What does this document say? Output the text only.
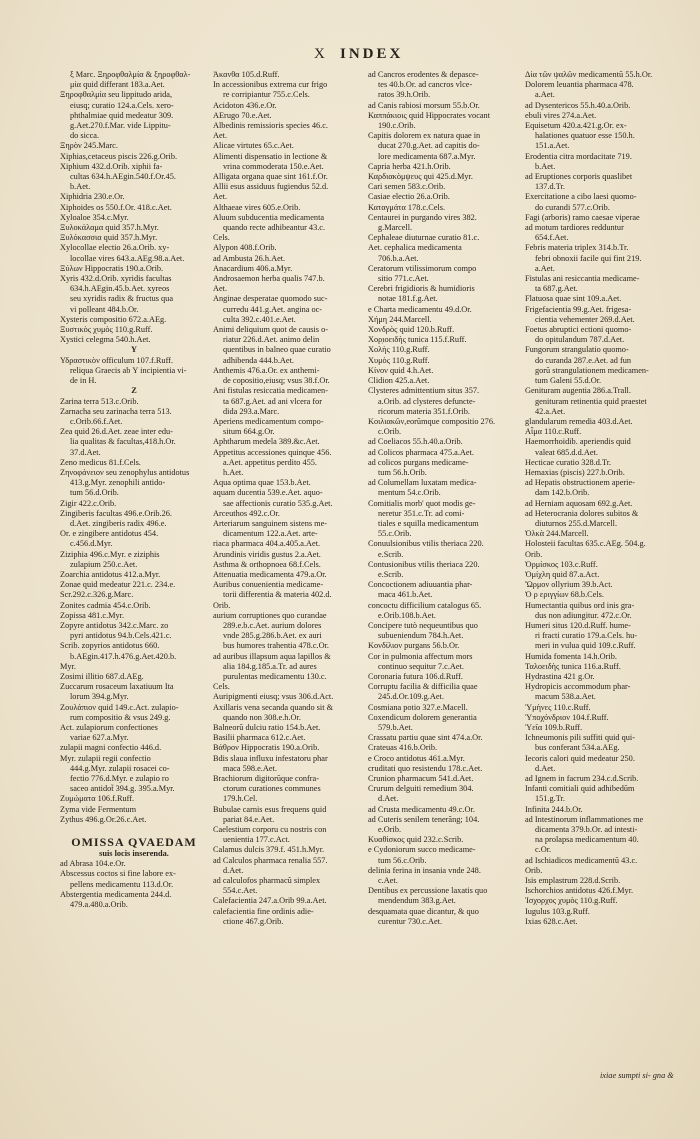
X INDEX

ξ Marc. Ξηροφθαλμία & ξηροφθαλ-

μία quid differant 183.a.Aet.

Ξηροφθαλμία seu lippitudo arida,

eiusq; curatio 124.a.Cels. xero-

phthalmiae quid medeatur 309.

g.Aet.270.f.Mar. vide Lippitu-

do sicca.

Ξηρὸν 245.Marc.

Xiphias,cetaceus piscis 226.g.Orib.

Xiphium 432.d.Orib. xiphii fa-

cultas 634.h.AEgin.540.f.Or.45.

b.Aet.

Xiphidria 230.e.Or.

Xiphoides os 550.f.Or. 418.c.Aet.

Xyloaloe 354.c.Myr.

Ξυλοκάλαμα quid 357.h.Myr.

Ξυλόκασσια quid 357.h.Myr.

Xylocollae electio 26.a.Orib. xy-

locollae vires 643.a.AEg.98.a.Aet.

Ξύλων Hippocratis 190.a.Orib.

Xyris 432.d.Orib. xyridis facultas

634.h.AEgin.45.b.Aet. xyreos

seu xyridis radix & fructus qua

vi polleant 484.b.Or.

Xysteris compositio 672.a.AEg.

Ξυστικὸς χυμὸς 110.g.Ruff.

Xystici celegma 540.h.Aet.

Y

Υδραστικὸν officulum 107.f.Ruff.

reliqua Graecis ab Υ incipientia vi-

de in H.

Z

Zarina terra 513.c.Orib.

Zarnacha seu zarinacha terra 513.

c.Orib.66.f.Aet.

Zea quid 26.d.Aet. zeae inter edu-

lia qualitas & facultas,418.h.Or.

37.d.Aet.

Zeno medicus 81.f.Cels.

Ζηνοφάνειον seu zenophylus antidotus

413.g.Myr. zenophili antido-

tum 56.d.Orib.

Zigir 422.c.Orib.

Zingiberis facultas 496.e.Orib.26.

d.Aet. zingiberis radix 496.e.

Or. e zingibere antidotus 454.

c.456.d.Myr.

Ziziphia 496.c.Myr. e ziziphis

zulapium 250.c.Aet.

Zoarchia antidotus 412.a.Myr.

Zonae quid medeatur 221.c. 234.e.

Scr.292.c.326.g.Marc.

Zonites cadmia 454.c.Orib.

Zopissa 481.c.Myr.

Zopyre antidotus 342.c.Marc. zo

pyri antidotus 94.b.Cels.421.c.

Scrib. zopyrios antidotus 660.

b.AEgin.417.h.476.g.Aet.420.b.

Myr.

Zosimi illitio 687.d.AEg.

Zuccarum rosaceum laxatiuum Ita

lorum 394.g.Myr.

Ζουλάπιον quid 149.c.Act. zulapio-

rum compositio & vsus 249.g.

Act. zulapiorum confectiones

variae 627.a.Myr.

zulapii magni confectio 446.d.

Myr. zulapii regii confectio

444.g.Myr. zulapii rosacei co-

fectio 776.d.Myr. e zulapio ro

saceo antidot̃ 394.g. 395.a.Myr.

Ζυμώματα 106.f.Ruff.

Zyma vide Fermentum

Zythus 496.g.Or.26.c.Aet.

OMISSA QVAEDAM

suis locis inserenda.

ad Abrasa 104.e.Or.

Abscessus coctos si fine labore ex-

pellens medicamentu 113.d.Or.

Abstergentia medicamenta 244.d.

479.a.480.a.Orib.

Ἀκανθα 105.d.Ruff.

In accessionibus extrema cur frigo

re corripiantur 755.c.Cels.

Acidoton 436.e.Or.

AErugo 70.e.Aet.

Albedinis remissioris species 46.c.

Aet.

Alicae virtutes 65.c.Aet.

Alimenti dispensatio in lectione &

vrina commoderata 150.e.Aet.

Alligata organa quae sint 161.f.Or.

Allii esus assiduus fugiendus 52.d.

Aet.

Althaeae vires 605.e.Orib.

Aluum subducentia medicamenta

quando recte adhibeantur 43.c.

Cels.

Alypon 408.f.Orib.

ad Ambusta 26.h.Aet.

Anacardium 406.a.Myr.

Androsaemon herba qualis 747.b.

Aet.

Anginae desperatae quomodo suc-

curredu 441.g.Aet. angina oc-

culta 392.c.401.e.Aet.

Animi deliquium quot de causis o-

riatur 226.d.Aet. animo delin

quentibus in balneo quae curatio

adhibenda 444.b.Aet.

Anthemis 476.a.Or. ex anthemi-

de copositio,eiusq; vsus 38.f.Or.

Ani fistulas resiccatia medicamen-

ta 687.g.Aet. ad ani vlcera for

dida 293.a.Marc.

Aperiens medicamentum compo-

situm 664.g.Or.

Aphtharum medela 389.&c.Aet.

Appetitus accessiones quinque 456.

a.Aet. appetitus perdito 455.

h.Aet.

Aqua optima quae 153.b.Aet.

aquam ducentia 539.e.Aet. aquo-

sae affectionis curatio 535.g.Aet.

Arceuthos 492.c.Or.

Arteriarum sanguinem sistens me-

dicamentum 122.a.Aet. arte-

riaca pharmaca 404.a.405.a.Aet.

Arundinis viridis gustus 2.a.Aet.

Asthma & orthopnoea 68.f.Cels.

Attenuatia medicamenta 479.a.Or.

Auribus conuenientia medicame-

torii differentia & materia 402.d.

Orib.

aurium corruptiones quo curandae

289.e.b.c.Aet. aurium dolores

vnde 285.g.286.b.Aet. ex auri

bus humores trahentia 478.c.Or.

ad auribus illapsum aqua lapillos &

alia 184.g.185.a.Tr. ad aures

purulentas medicamentu 130.c.

Cels.

Auripigmenti eiusq; vsus 306.d.Act.

Axillaris vena secanda quando sit &

quando non 308.e.h.Or.

Balneorũ dulciu ratio 154.b.Aet.

Basilii pharmaca 612.c.Aet.

Βάθρον Hippocratis 190.a.Orib.

Bdis slaua influxu infestatoru phar

maca 598.e.Aet.

Brachiorum digitorũque confra-

ctorum curationes communes

179.h.Cel.

Bubulae carnis esus frequens quid

pariat 84.e.Aet.

Caelestium corporu cu nostris con

uenientia 177.c.Act.

Calamus dulcis 379.f. 451.h.Myr.

ad Calculos pharmaca renalia 557.

d.Aet.

ad calculofos pharmacũ simplex

554.c.Aet.

Calefacientia 247.a.Orib 99.a.Aet.

calefacientia fine ordinis adie-

ctione 467.g.Orib.

ad Cancros erodentes & depasce-

tes 40.b.Or. ad cancros vlce-

ratos 39.h.Orib.

ad Canis rabiosi morsum 55.b.Or.

Καππάκιοις quid Hippocrates vocant

190.c.Orib.

Capitis dolorem ex natura quae in

ducat 270.g.Aet. ad capitis do-

lore medicamenta 687.a.Myr.

Capria herba 421.h.Orib.

Καρδιακὸμψευς qui 425.d.Myr.

Cari semen 583.c.Orib.

Casiae electio 26.a.Orib.

Καταγμάτα 178.c.Cels.

Centaurei in purgando vires 382.

g.Marcell.

Cephaleae diuturnae curatio 81.c.

Aet. cephalica medicamenta

706.b.a.Aet.

Ceratorum vtilissimorum compo

sitio 771.c.Aet.

Cerebri frigidioris & humidioris

notae 181.f.g.Aet.

e Charta medicamentu 49.d.Or.

Χήμη 244.Marcell.

Χονδρὸς quid 120.b.Ruff.

Χορ̣ιοειδὴς tunica 115.f.Ruff.

Χολὴς 110.g.Ruff.

Χυμὸς 110.g.Ruff.

Κίνον quid 4.h.Aet.

Clidion 425.a.Aet.

Clysteres admittentium situs 357.

a.Orib. ad clysteres defuncte-

ricorum materia 351.f.Orib.

Κοιλιακῶν,eorũmque compositio 276.

c.Orib.

ad Coeliacos 55.h.40.a.Orib.

ad Colicos pharmaca 475.a.Aet.

ad colicos purgans medicame-

tum 56.h.Orib.

ad Columellam luxatam medica-

mentum 54.c.Orib.

Comitialis morb' quot modis ge-

neretur 351.c.Tr. ad comi-

tiales e squilla medicamentum

55.c.Orib.

Conuulsionibus vtilis theriaca 220.

e.Scrib.

Contusionibus vtilis theriaca 220.

e.Scrib.

Concoctionem adiuuantia phar-

maca 461.b.Aet.

concoctu difficilium catalogus 65.

e.Orib.108.b.Aet.

Concipere tutò nequeuntibus quo

subueniendum 784.h.Aet.

Κονδίλιον purgans 56.b.Or.

Cor in pulmonia affectum mors

continuo sequitur 7.c.Aet.

Coronaria futura 106.d.Ruff.

Corruptu facilia & difficilia quae

245.d.Or.109.g.Aet.

Cosmiana potio 327.e.Macell.

Coxendicum dolorem generantia

579.b.Aet.

Crassatu partiu quae sint 474.a.Or.

Crateuas 416.b.Orib.

e Croco antidotus 461.a.Myr.

cruditati quo resistendu 178.c.Aet.

Crunion pharmacum 541.d.Aet.

Crurum delguiti remedium 304.

d.Aet.

ad Crusta medicamentu 49.c.Or.

ad Cuteris senilem tenerãng; 104.

e.Orib.

Κυαθίσκος quid 232.c.Scrib.

e Cydoniorum succo medicame-

tum 56.c.Orib.

delinia ferina in insania vnde 248.

c.Aet.

Dentibus ex percussione laxatis quo

mendendum 383.g.Aet.

desquamata quae dicantur, & quo

curentur 730.c.Aet.

Δία τῶν ψαλῶν medicamentũ 55.h.Or.

Dolorem leuantia pharmaca 478.

a.Aet.

ad Dysentericos 55.h.40.a.Orib.

ebuli vires 274.a.Aet.

Equisetum 420.a.421.g.Or. ex-

halationes quatuor esse 150.h.

151.a.Aet.

Erodentia citra mordacitate 719.

b.Aet.

ad Eruptiones corporis quaslibet

137.d.Tr.

Exercitatione a cibo laesi quomo-

do curandi 577.c.Orib.

Fagi (arboris) ramo caesae viperae

ad motum tardiores redduntur

654.f.Aet.

Febris materia triplex 314.b.Tr.

febri obnoxii facile qui fint 219.

a.Aet.

Fistulas ani resiccantia medicame-

ta 687.g.Aet.

Flatuosa quae sint 109.a.Aet.

Frigefacientia 99.g.Aet. frigesa-

cientia vehementer 269.d.Aet.

Foetus abruptici ectioni quomo-

do opitulandum 787.d.Aet.

Fungorum strangulatio quomo-

do curanda 287.e.Aet. ad fun

gorũ strangulationem medicamen-

tum Galeni 55.d.Or.

Genituram augentia 286.a.Trall.

genituram retinentia quid praestet

42.a.Aet.

glandularum remedia 403.d.Aet.

Αἷμα 110.c.Ruff.

Haemorrhoidib. aperiendis quid

valeat 685.d.d.Aet.

Hecticae curatio 328.d.Tr.

Hemaxias (piscis) 227.b.Orib.

ad Hepatis obstructionem aperie-

dam 142.b.Orib.

ad Herniam aquosam 692.g.Aet.

ad Heterocrania dolores subitos &

diuturnos 255.d.Marcell.

Ὀλκὰ 244.Marcell.

Holosteii facultas 635.c.AEg. 504.g.

Orib.

Ὀρμίσκος 103.c.Ruff.

Ὀμίχλη quid 87.a.Act.

Ὥρμον ollyrium 39.b.Act.

Ὁ ρ εριγγίων 68.b.Cels.

Humectantia quibus ord inis gra-

dus non adiungitur. 472.c.Or.

Humeri situs 120.d.Ruff. hume-

ri fracti curatio 179.a.Cels. hu-

meri in vulua quid 109.c.Ruff.

Humida fomenta 14.h.Orib.

Ταλοειδὴς tunica 116.a.Ruff.

Hydrastina 421 g.Or.

Hydropicis accommodum phar-

macum 538.a.Aet.

Ὑμὴνες 110.c.Ruff.

Ὑποχόνδριον 104.f.Ruff.

Ὑεῖα 109.b.Ruff.

Ichneumonis pili suffiti quid qui-

bus conferant 534.a.AEg.

Iecoris calori quid medeatur 250.

d.Aet.

ad Ignem in facrum 234.c.d.Scrib.

Infanti comitiali quid adhibedũm

151.g.Tr.

Infinita 244.b.Or.

ad Intestinorum inflammationes me

dicamenta 379.b.Or. ad intesti-

na prolapsa medicamentum 40.

c.Or.

ad Ischiadicos medicamentũ 43.c.

Orib.

Isis emplastrum 228.d.Scrib.

Ischorchios antidotus 426.f.Myr.

Ἰσχορχος χυμὸς 110.g.Ruff.

Iugulus 103.g.Ruff.

Ixias 628.c.Aet.

ixiae sumpti si- gna &
